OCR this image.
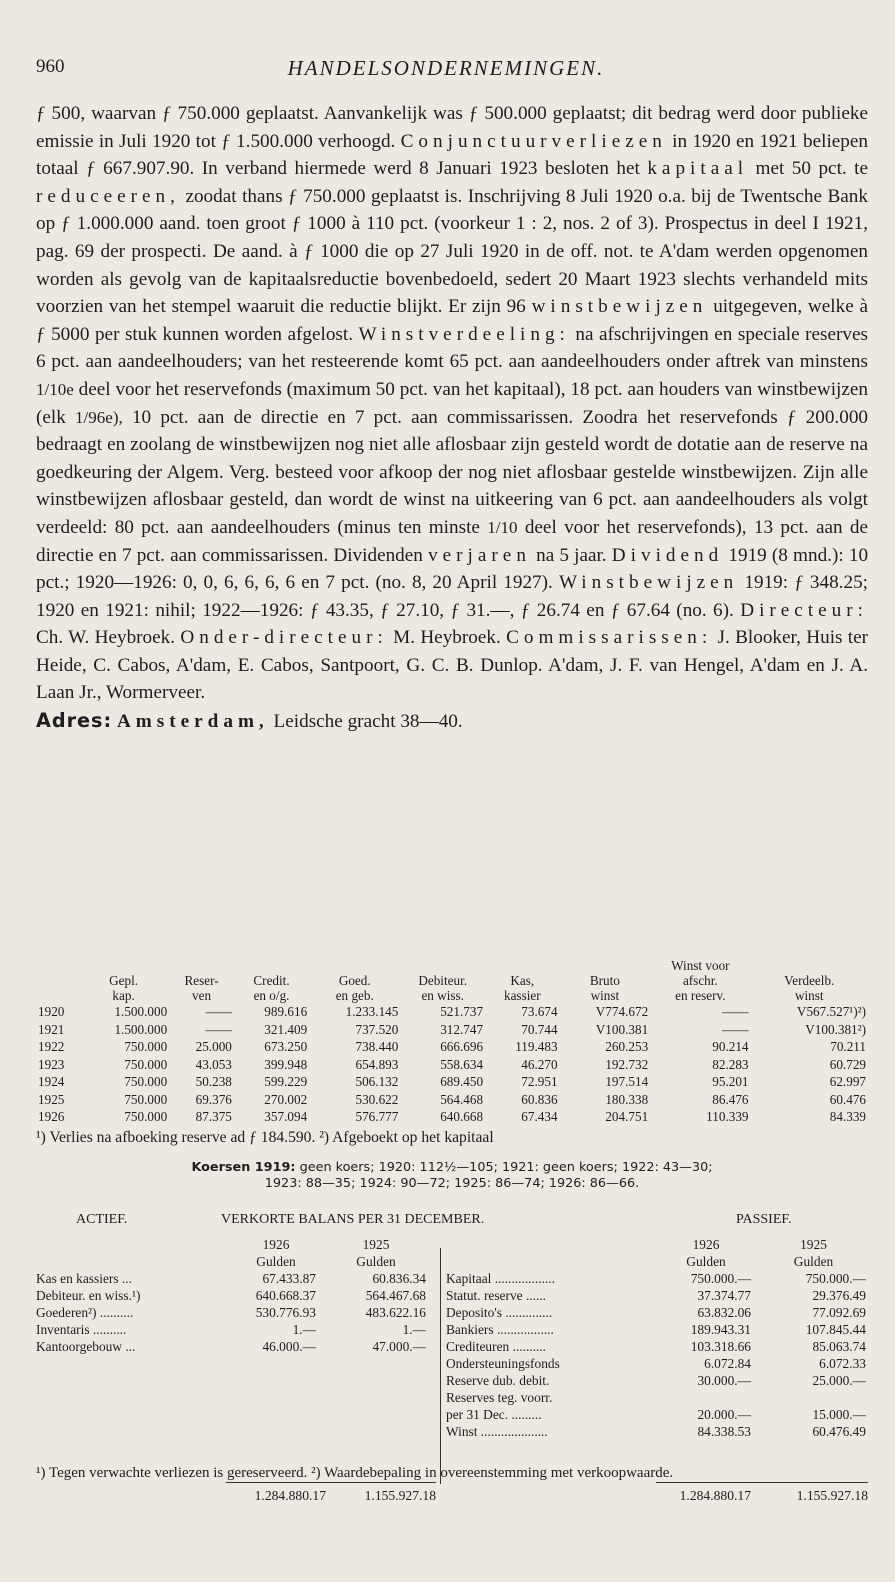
960	HANDELSONDERNEMINGEN.
ƒ 500, waarvan ƒ 750.000 geplaatst. Aanvankelijk was ƒ 500.000 geplaatst; dit bedrag werd door publieke emissie in Juli 1920 tot ƒ 1.500.000 verhoogd. Conjunctuurverliezen in 1920 en 1921 beliepen totaal ƒ 667.907.90. In verband hiermede werd 8 Januari 1923 besloten het kapitaal met 50 pct. te reduceeren, zoodat thans ƒ 750.000 geplaatst is. Inschrijving 8 Juli 1920 o.a. bij de Twentsche Bank op ƒ 1.000.000 aand. toen groot ƒ 1000 à 110 pct. (voorkeur 1 : 2, nos. 2 of 3). Prospectus in deel I 1921, pag. 69 der prospecti. De aand. à ƒ 1000 die op 27 Juli 1920 in de off. not. te A'dam werden opgenomen worden als gevolg van de kapitaalsreductie bovenbedoeld, sedert 20 Maart 1923 slechts verhandeld mits voorzien van het stempel waaruit die reductie blijkt. Er zijn 96 winstbewijzen uitgegeven, welke à ƒ 5000 per stuk kunnen worden afgelost. Winstverdeeling: na afschrijvingen en speciale reserves 6 pct. aan aandeelhouders; van het resteerende komt 65 pct. aan aandeelhouders onder aftrek van minstens 1/10e deel voor het reservefonds (maximum 50 pct. van het kapitaal), 18 pct. aan houders van winstbewijzen (elk 1/96e), 10 pct. aan de directie en 7 pct. aan commissarissen. Zoodra het reservefonds ƒ 200.000 bedraagt en zoolang de winstbewijzen nog niet alle aflosbaar zijn gesteld wordt de dotatie aan de reserve na goedkeuring der Algem. Verg. besteed voor afkoop der nog niet aflosbaar gestelde winstbewijzen. Zijn alle winstbewijzen aflosbaar gesteld, dan wordt de winst na uitkeering van 6 pct. aan aandeelhouders als volgt verdeeld: 80 pct. aan aandeelhouders (minus ten minste 1/10 deel voor het reservefonds), 13 pct. aan de directie en 7 pct. aan commissarissen. Dividenden verjaren na 5 jaar. Dividend 1919 (8 mnd.): 10 pct.; 1920—1926: 0, 0, 6, 6, 6, 6 en 7 pct. (no. 8, 20 April 1927). Winstbewijzen 1919: ƒ 348.25; 1920 en 1921: nihil; 1922—1926: ƒ 43.35, ƒ 27.10, ƒ 31.—, ƒ 26.74 en ƒ 67.64 (no. 6). Directeur: Ch. W. Heybroek. Onder-directeur: M. Heybroek. Commissarissen: J. Blooker, Huis ter Heide, C. Cabos, A'dam, E. Cabos, Santpoort, G. C. B. Dunlop. A'dam, J. F. van Hengel, A'dam en J. A. Laan Jr., Wormerveer.
Adres: Amsterdam, Leidsche gracht 38—40.
								Winst voor	
	Gepl.	Reser-	Credit.	Goed.	Debiteur.	Kas,	Bruto	afschr.	Verdeelb.
	kap.	ven	en o/g.	en geb.	en wiss.	kassier	winst	en reserv.	winst
1920	1.500.000	——	989.616	1.233.145	521.737	73.674	V774.672	——	V567.527¹)²)
1921	1.500.000	——	321.409	737.520	312.747	70.744	V100.381	——	V100.381²)
1922	750.000	25.000	673.250	738.440	666.696	119.483	260.253	90.214	70.211
1923	750.000	43.053	399.948	654.893	558.634	46.270	192.732	82.283	60.729
1924	750.000	50.238	599.229	506.132	689.450	72.951	197.514	95.201	62.997
1925	750.000	69.376	270.002	530.622	564.468	60.836	180.338	86.476	60.476
1926	750.000	87.375	357.094	576.777	640.668	67.434	204.751	110.339	84.339
¹) Verlies na afboeking reserve ad ƒ 184.590. ²) Afgeboekt op het kapitaal
Koersen 1919: geen koers; 1920: 112½—105; 1921: geen koers; 1922: 43—30;
1923: 88—35; 1924: 90—72; 1925: 86—74; 1926: 86—66.
ACTIEF.	VERKORTE BALANS PER 31 DECEMBER.	PASSIEF.
1926	1925
Gulden	Gulden
Kas en kassiers ...	67.433.87	60.836.34
Debiteur. en wiss.¹)	640.668.37	564.467.68
Goederen²) ..........	530.776.93	483.622.16
Inventaris ..........	1.—	1.—
Kantoorgebouw ...	46.000.—	47.000.—
1926	1925
Gulden	Gulden
Kapitaal ..................	750.000.—	750.000.—
Statut. reserve ......	37.374.77	29.376.49
Deposito's ..............	63.832.06	77.092.69
Bankiers .................	189.943.31	107.845.44
Crediteuren ..........	103.318.66	85.063.74
Ondersteuningsfonds	6.072.84	6.072.33
Reserve dub. debit.	30.000.—	25.000.—
Reserves teg. voorr.
per 31 Dec. .........	20.000.—	15.000.—
Winst ....................	84.338.53	60.476.49
1.284.880.17	1.155.927.18	1.284.880.17	1.155.927.18
¹) Tegen verwachte verliezen is gereserveerd. ²) Waardebepaling in overeenstemming met verkoopwaarde.
